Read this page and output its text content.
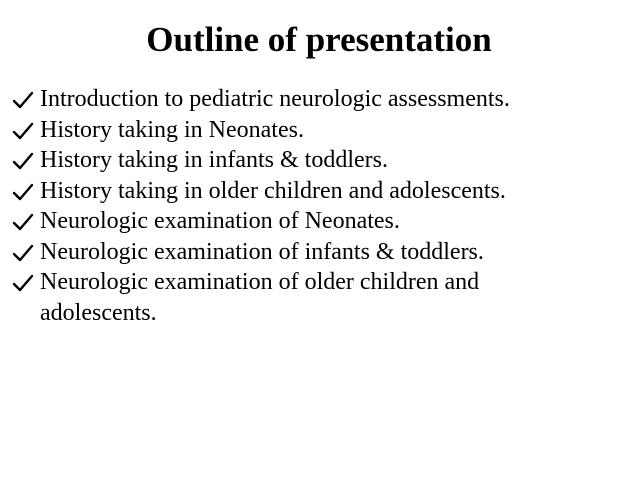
Outline of presentation
Introduction to pediatric neurologic assessments.
History taking in Neonates.
History taking in infants & toddlers.
History taking in older children and adolescents.
Neurologic examination of Neonates.
Neurologic examination of infants & toddlers.
Neurologic examination of older children and adolescents.
